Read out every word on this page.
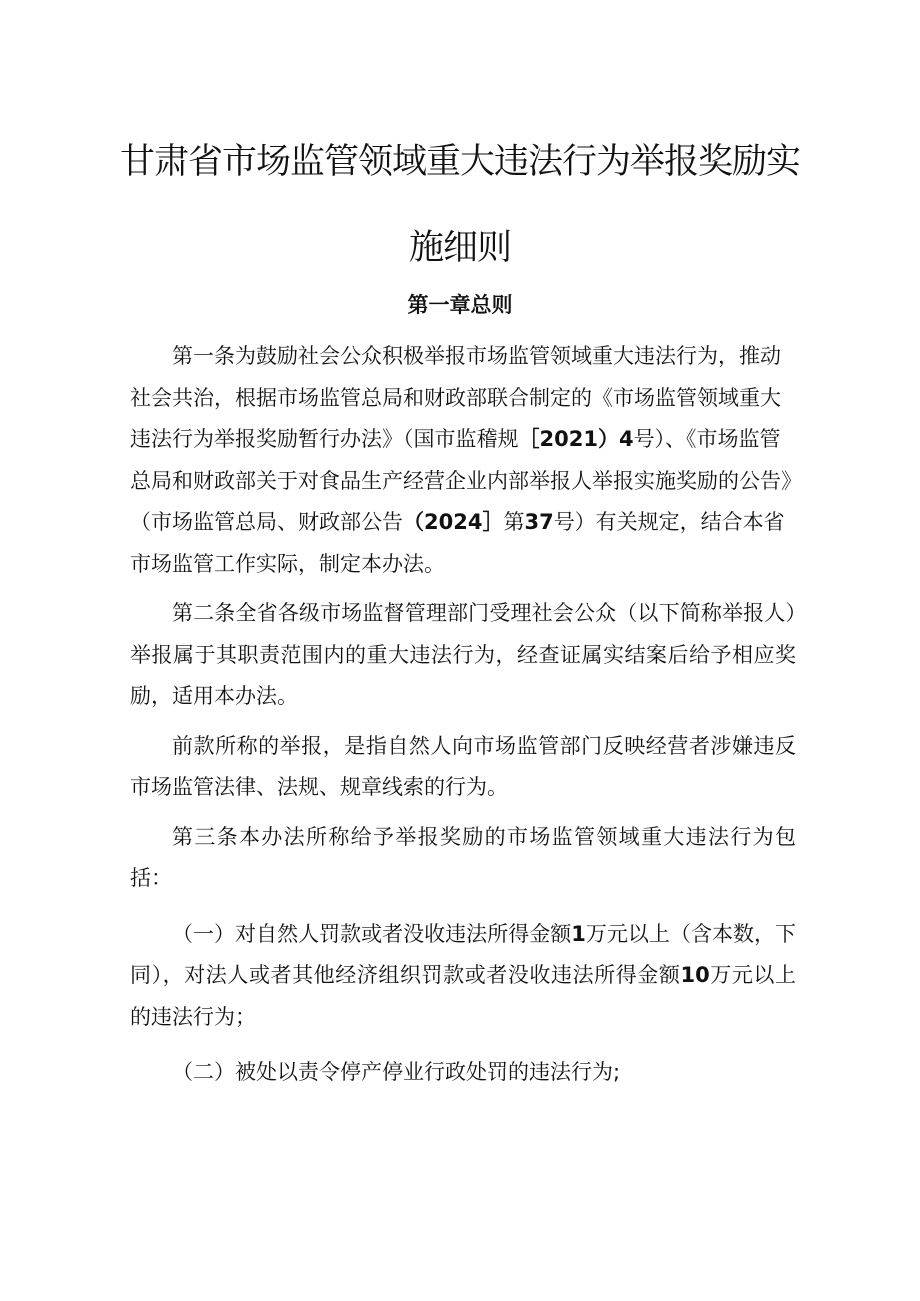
甘肃省市场监管领域重大违法行为举报奖励实
施细则
第一章总则

第一条为鼓励社会公众积极举报市场监管领域重大违法行为，推动社会共治，根据市场监管总局和财政部联合制定的《市场监管领域重大违法行为举报奖励暂行办法》（国市监稽规［2021）4号）、《市场监管总局和财政部关于对食品生产经营企业内部举报人举报实施奖励的公告》（市场监管总局、财政部公告（2024］第37号）有关规定，结合本省市场监管工作实际，制定本办法。

第二条全省各级市场监督管理部门受理社会公众（以下简称举报人）举报属于其职责范围内的重大违法行为，经查证属实结案后给予相应奖励，适用本办法。

前款所称的举报，是指自然人向市场监管部门反映经营者涉嫌违反市场监管法律、法规、规章线索的行为。

第三条本办法所称给予举报奖励的市场监管领域重大违法行为包括：

（一）对自然人罚款或者没收违法所得金额1万元以上（含本数，下同），对法人或者其他经济组织罚款或者没收违法所得金额10万元以上的违法行为；

（二）被处以责令停产停业行政处罚的违法行为;
